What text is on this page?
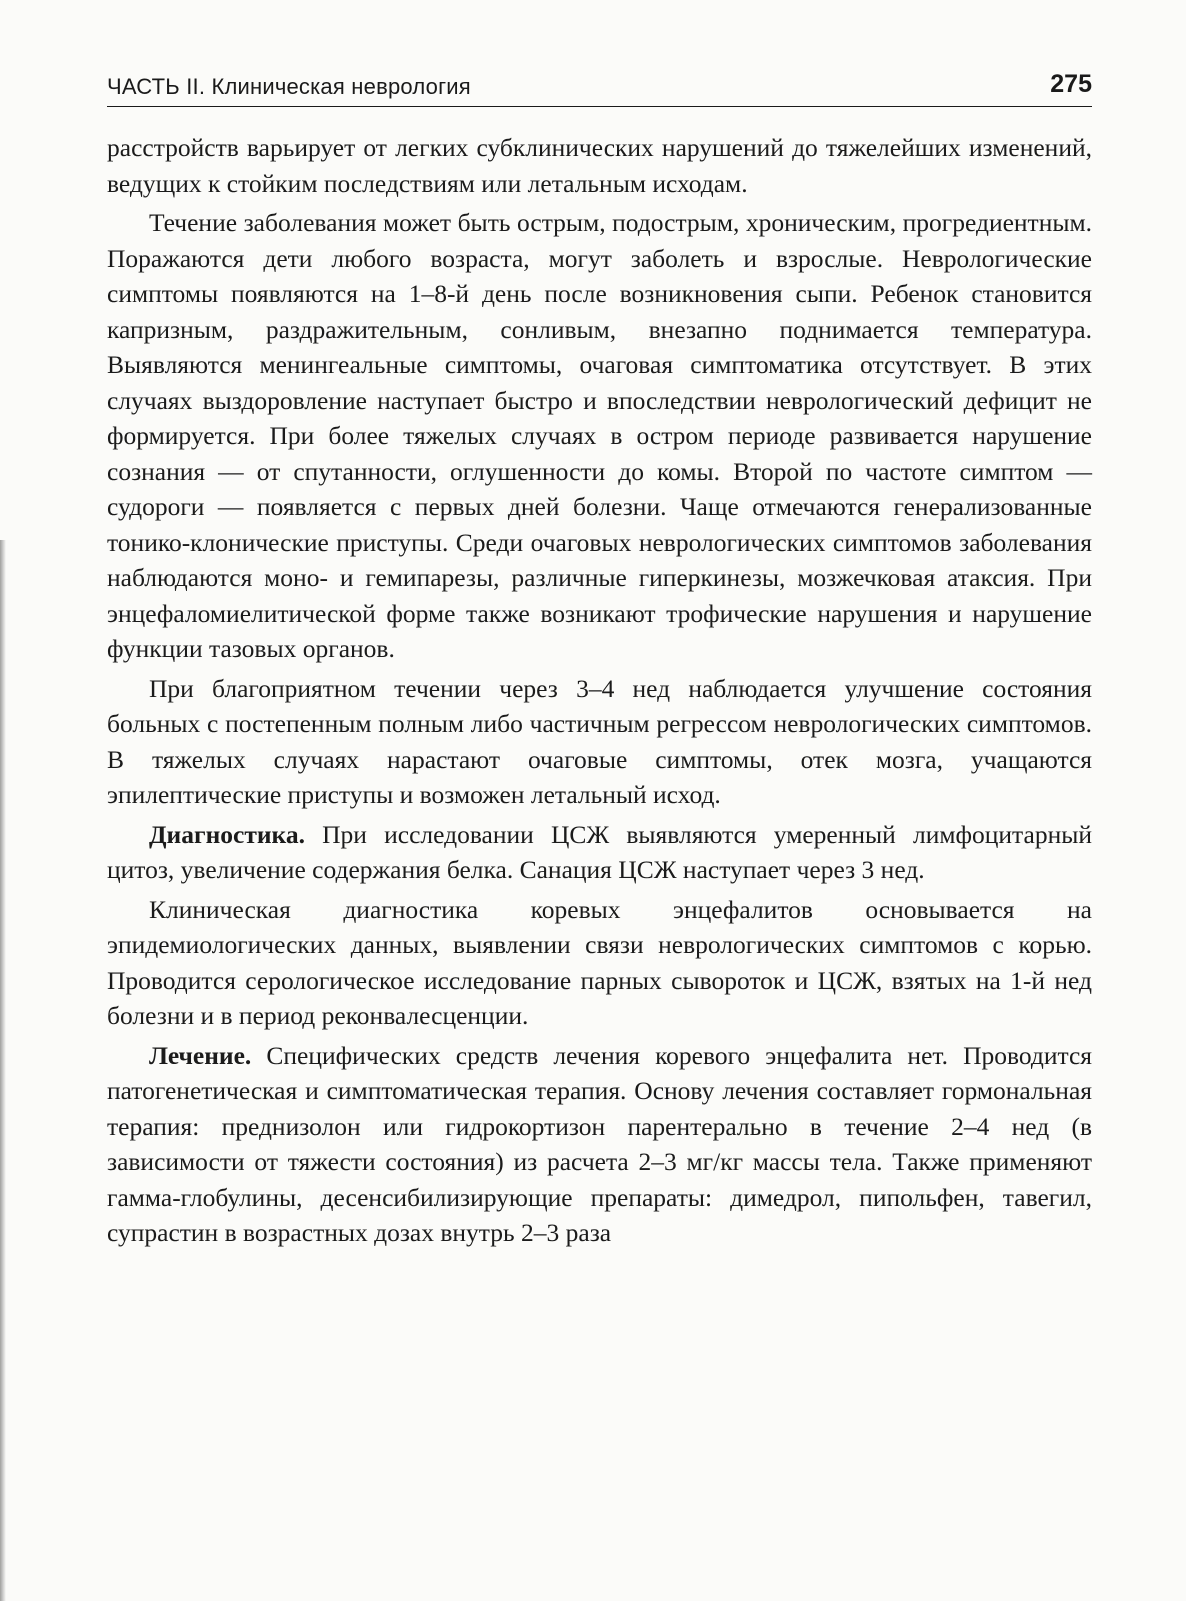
ЧАСТЬ II. Клиническая неврология	275

расстройств варьирует от легких субклинических нарушений до тяжелейших изменений, ведущих к стойким последствиям или летальным исходам.

Течение заболевания может быть острым, подострым, хроническим, прогредиентным. Поражаются дети любого возраста, могут заболеть и взрослые. Неврологические симптомы появляются на 1–8-й день после возникновения сыпи. Ребенок становится капризным, раздражительным, сонливым, внезапно поднимается температура. Выявляются менингеальные симптомы, очаговая симптоматика отсутствует. В этих случаях выздоровление наступает быстро и впоследствии неврологический дефицит не формируется. При более тяжелых случаях в остром периоде развивается нарушение сознания — от спутанности, оглушенности до комы. Второй по частоте симптом — судороги — появляется с первых дней болезни. Чаще отмечаются генерализованные тонико-клонические приступы. Среди очаговых неврологических симптомов заболевания наблюдаются моно- и гемипарезы, различные гиперкинезы, мозжечковая атаксия. При энцефаломиелитической форме также возникают трофические нарушения и нарушение функции тазовых органов.

При благоприятном течении через 3–4 нед наблюдается улучшение состояния больных с постепенным полным либо частичным регрессом неврологических симптомов. В тяжелых случаях нарастают очаговые симптомы, отек мозга, учащаются эпилептические приступы и возможен летальный исход.

Диагностика. При исследовании ЦСЖ выявляются умеренный лимфоцитарный цитоз, увеличение содержания белка. Санация ЦСЖ наступает через 3 нед.

Клиническая диагностика коревых энцефалитов основывается на эпидемиологических данных, выявлении связи неврологических симптомов с корью. Проводится серологическое исследование парных сывороток и ЦСЖ, взятых на 1-й нед болезни и в период реконвалесценции.

Лечение. Специфических средств лечения коревого энцефалита нет. Проводится патогенетическая и симптоматическая терапия. Основу лечения составляет гормональная терапия: преднизолон или гидрокортизон парентерально в течение 2–4 нед (в зависимости от тяжести состояния) из расчета 2–3 мг/кг массы тела. Также применяют гамма-глобулины, десенсибилизирующие препараты: димедрол, пипольфен, тавегил, супрастин в возрастных дозах внутрь 2–3 раза
